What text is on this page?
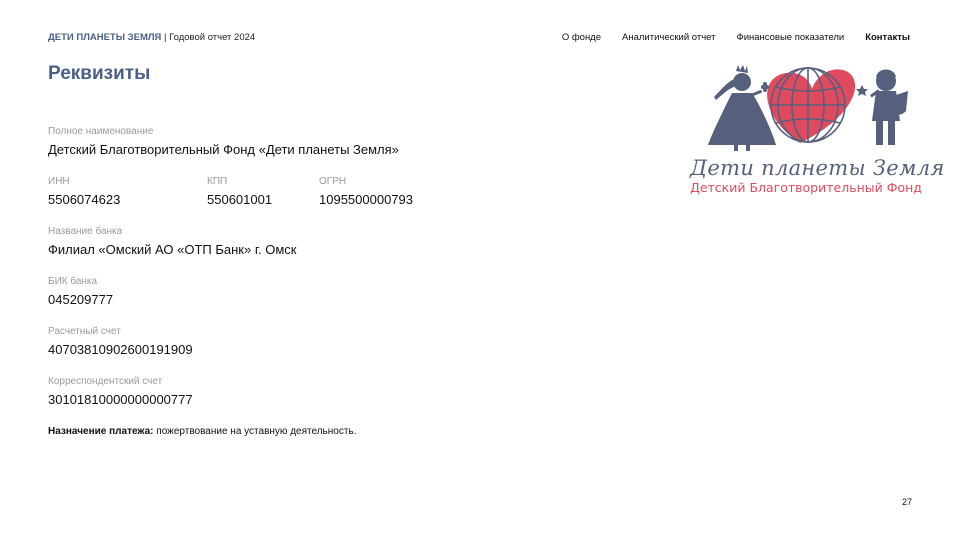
ДЕТИ ПЛАНЕТЫ ЗЕМЛЯ | Годовой отчет 2024	О фонде Аналитический отчет Финансовые показатели Контакты
Реквизиты
Полное наименование
Детский Благотворительный Фонд «Дети планеты Земля»
ИНН
5506074623
КПП
550601001
ОГРН
1095500000793
Название банка
Филиал «Омский АО «ОТП Банк» г. Омск
БИК банка
045209777
Расчетный счет
40703810902600191909
Корреспондентский счет
30101810000000000777
Назначение платежа: пожертвование на уставную деятельность.
Дети планеты Земля
Детский Благотворительный Фонд
27
